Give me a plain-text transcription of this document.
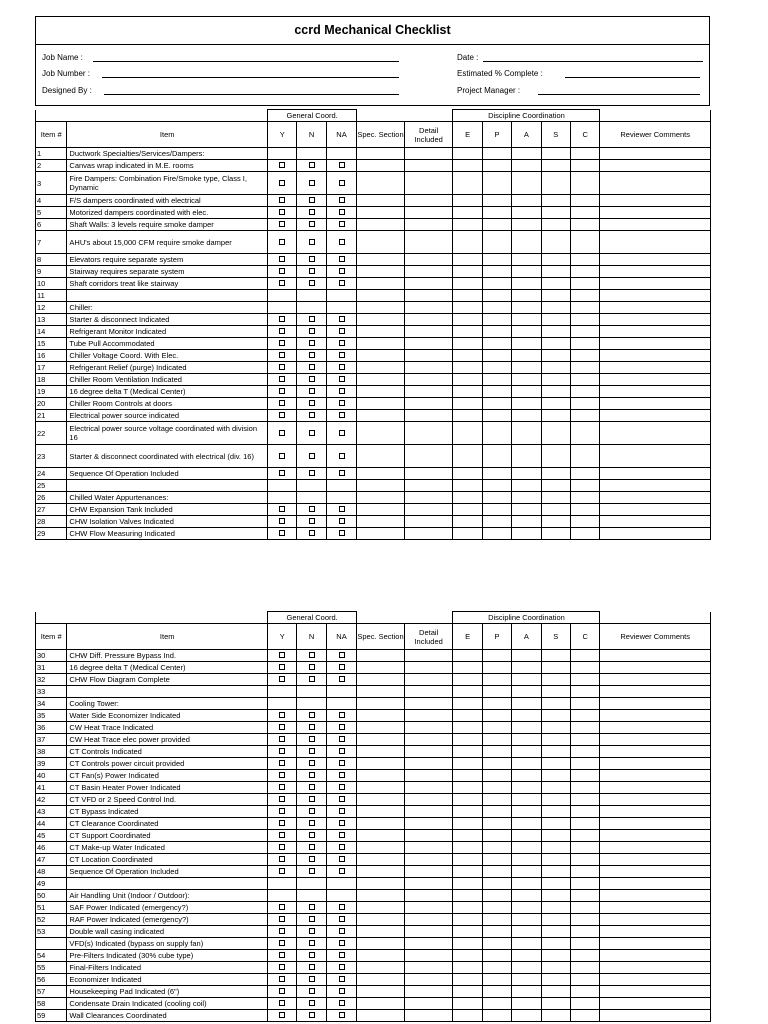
ccrd Mechanical Checklist
Job Name :
Job Number :
Designed By :
Date :
Estimated % Complete :
Project Manager :
		General Coord.					Discipline Coordination					
Item #	Item	Y	N	NA	Spec. Section	Detail Included	E	P	A	S	C	Reviewer Comments
1	Ductwork Specialties/Services/Dampers:											
2	Canvas wrap indicated in M.E. rooms											
3	Fire Dampers: Combination Fire/Smoke type, Class I, Dynamic											
4	F/S dampers coordinated with electrical											
5	Motorized dampers coordinated with elec.											
6	Shaft Walls: 3 levels require smoke damper											
7	AHU's about 15,000 CFM require smoke damper											
8	Elevators require separate system											
9	Stairway requires separate system											
10	Shaft corridors treat like stairway											
11												
12	Chiller:											
13	Starter & disconnect Indicated											
14	Refrigerant Monitor Indicated											
15	Tube Pull Accommodated											
16	Chiller Voltage Coord. With Elec.											
17	Refrigerant Relief (purge) Indicated											
18	Chiller Room Ventilation Indicated											
19	16 degree delta T (Medical Center)											
20	Chiller Room Controls at doors											
21	Electrical power source indicated											
22	Electrical power source voltage coordinated with division 16											
23	Starter & disconnect coordinated with electrical (div. 16)											
24	Sequence Of Operation Included											
25												
26	Chilled Water Appurtenances:											
27	CHW Expansion Tank Included											
28	CHW Isolation Valves Indicated											
29	CHW Flow Measuring Indicated											
		General Coord.					Discipline Coordination					
Item #	Item	Y	N	NA	Spec. Section	Detail Included	E	P	A	S	C	Reviewer Comments
30	CHW Diff. Pressure Bypass Ind.											
31	16 degree delta T (Medical Center)											
32	CHW Flow Diagram Complete											
33												
34	Cooling Tower:											
35	Water Side Economizer Indicated											
36	CW Heat Trace Indicated											
37	CW Heat Trace elec power provided											
38	CT Controls Indicated											
39	CT Controls power circuit provided											
40	CT Fan(s) Power Indicated											
41	CT Basin Heater Power Indicated											
42	CT VFD or 2 Speed Control Ind.											
43	CT Bypass Indicated											
44	CT Clearance Coordinated											
45	CT Support Coordinated											
46	CT Make-up Water Indicated											
47	CT Location Coordinated											
48	Sequence Of Operation Included											
49												
50	Air Handling Unit (Indoor / Outdoor):											
51	SAF Power Indicated (emergency?)											
52	RAF Power Indicated (emergency?)											
53	Double wall casing indicated											
	VFD(s) Indicated (bypass on supply fan)											
54	Pre-Filters Indicated (30% cube type)											
55	Final-Filters Indicated											
56	Economizer Indicated											
57	Housekeeping Pad Indicated (6")											
58	Condensate Drain Indicated (cooling coil)											
59	Wall Clearances Coordinated											
